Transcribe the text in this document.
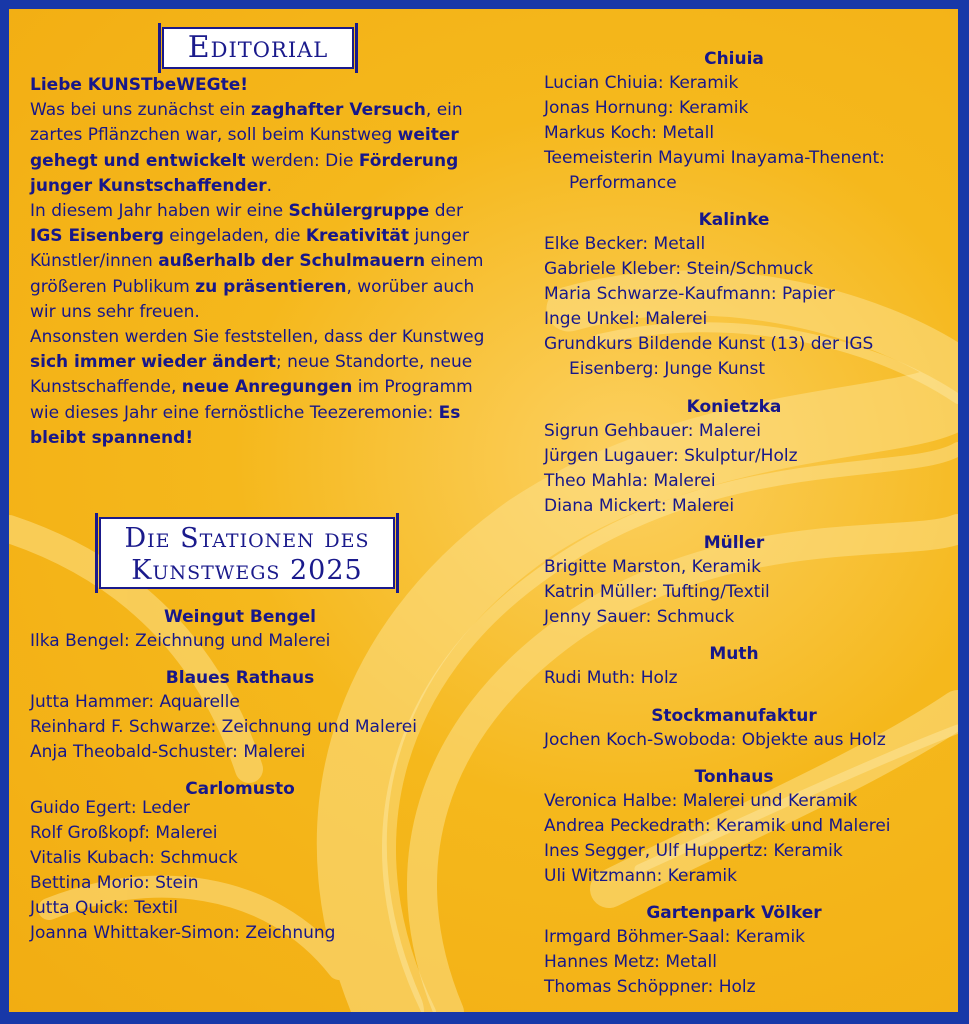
Editorial
Liebe KUNSTbeWEGte!
Was bei uns zunächst ein zaghafter Versuch, ein zartes Pflänzchen war, soll beim Kunstweg weiter gehegt und entwickelt werden: Die Förderung junger Kunstschaffender.
In diesem Jahr haben wir eine Schülergruppe der IGS Eisenberg eingeladen, die Kreativität junger Künstler/innen außerhalb der Schulmauern einem größeren Publikum zu präsentieren, worüber auch wir uns sehr freuen.
Ansonsten werden Sie feststellen, dass der Kunstweg sich immer wieder ändert; neue Standorte, neue Kunstschaffende, neue Anregungen im Programm wie dieses Jahr eine fernöstliche Teezeremonie: Es bleibt spannend!
Die Stationen des
Kunstwegs 2025
Weingut Bengel
Ilka Bengel: Zeichnung und Malerei
Blaues Rathaus
Jutta Hammer: Aquarelle
Reinhard F. Schwarze: Zeichnung und Malerei
Anja Theobald-Schuster: Malerei
Carlomusto
Guido Egert: Leder
Rolf Großkopf: Malerei
Vitalis Kubach: Schmuck
Bettina Morio: Stein
Jutta Quick: Textil
Joanna Whittaker-Simon: Zeichnung
Chiuia
Lucian Chiuia: Keramik
Jonas Hornung: Keramik
Markus Koch: Metall
Teemeisterin Mayumi Inayama-Thenent:
Performance
Kalinke
Elke Becker: Metall
Gabriele Kleber: Stein/Schmuck
Maria Schwarze-Kaufmann: Papier
Inge Unkel: Malerei
Grundkurs Bildende Kunst (13) der IGS
Eisenberg: Junge Kunst
Konietzka
Sigrun Gehbauer: Malerei
Jürgen Lugauer: Skulptur/Holz
Theo Mahla: Malerei
Diana Mickert: Malerei
Müller
Brigitte Marston, Keramik
Katrin Müller: Tufting/Textil
Jenny Sauer: Schmuck
Muth
Rudi Muth: Holz
Stockmanufaktur
Jochen Koch-Swoboda: Objekte aus Holz
Tonhaus
Veronica Halbe: Malerei und Keramik
Andrea Peckedrath: Keramik und Malerei
Ines Segger, Ulf Huppertz: Keramik
Uli Witzmann: Keramik
Gartenpark Völker
Irmgard Böhmer-Saal: Keramik
Hannes Metz: Metall
Thomas Schöppner: Holz
